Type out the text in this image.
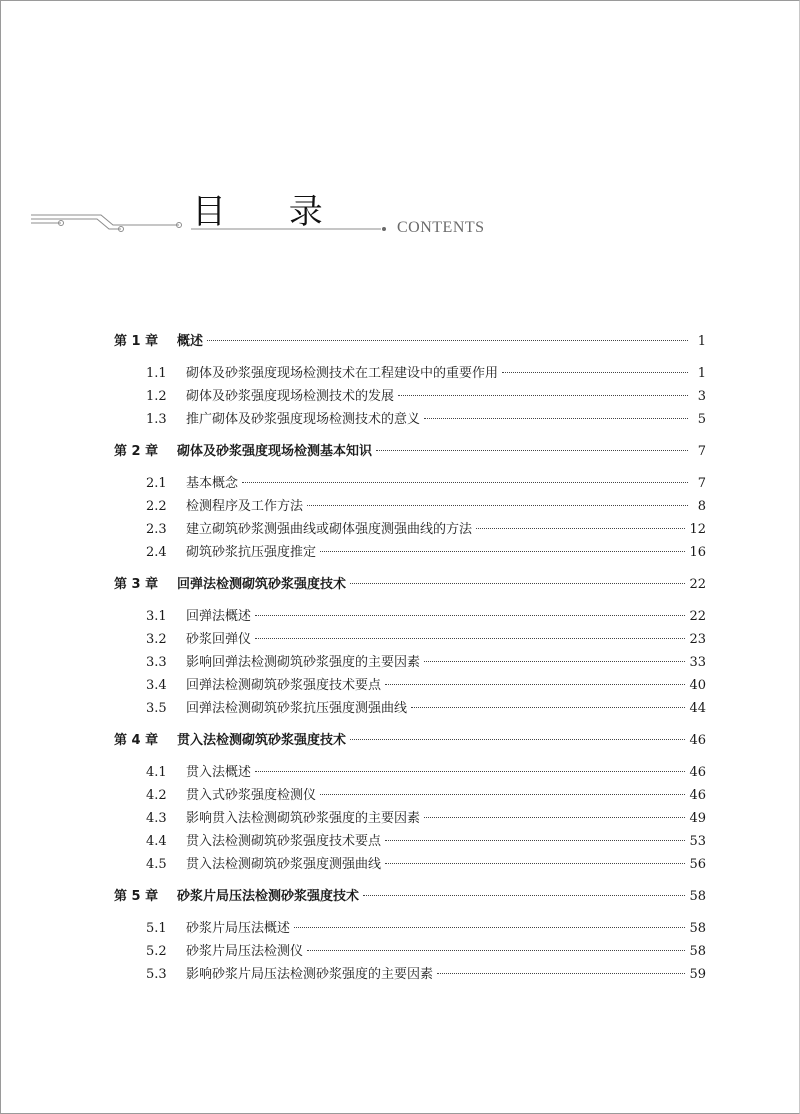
目 录	CONTENTS
第 1 章	概述	1
1.1	砌体及砂浆强度现场检测技术在工程建设中的重要作用	1
1.2	砌体及砂浆强度现场检测技术的发展	3
1.3	推广砌体及砂浆强度现场检测技术的意义	5
第 2 章	砌体及砂浆强度现场检测基本知识	7
2.1	基本概念	7
2.2	检测程序及工作方法	8
2.3	建立砌筑砂浆测强曲线或砌体强度测强曲线的方法	12
2.4	砌筑砂浆抗压强度推定	16
第 3 章	回弹法检测砌筑砂浆强度技术	22
3.1	回弹法概述	22
3.2	砂浆回弹仪	23
3.3	影响回弹法检测砌筑砂浆强度的主要因素	33
3.4	回弹法检测砌筑砂浆强度技术要点	40
3.5	回弹法检测砌筑砂浆抗压强度测强曲线	44
第 4 章	贯入法检测砌筑砂浆强度技术	46
4.1	贯入法概述	46
4.2	贯入式砂浆强度检测仪	46
4.3	影响贯入法检测砌筑砂浆强度的主要因素	49
4.4	贯入法检测砌筑砂浆强度技术要点	53
4.5	贯入法检测砌筑砂浆强度测强曲线	56
第 5 章	砂浆片局压法检测砂浆强度技术	58
5.1	砂浆片局压法概述	58
5.2	砂浆片局压法检测仪	58
5.3	影响砂浆片局压法检测砂浆强度的主要因素	59
